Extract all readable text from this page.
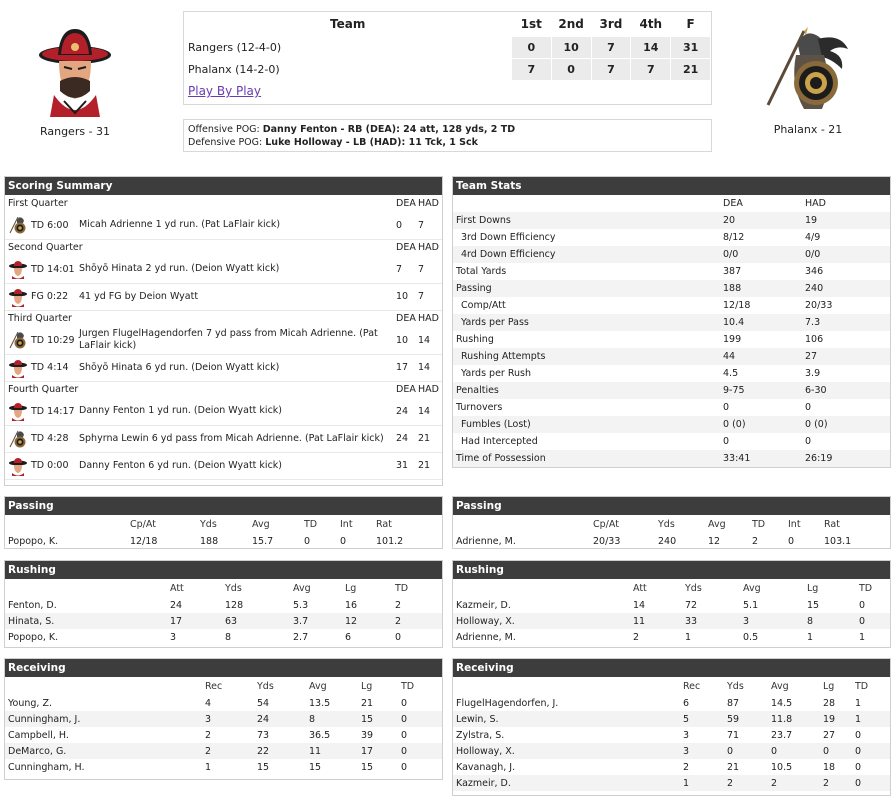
Rangers - 31	Phalanx - 21
Team	1st	2nd	3rd	4th	F
Rangers (12-4-0)	0	10	7	14	31
Phalanx (14-2-0)	7	0	7	7	21
Play By Play					
Offensive POG: Danny Fenton - RB (DEA): 24 att, 128 yds, 2 TD
Defensive POG: Luke Holloway - LB (HAD): 11 Tck, 1 Sck
Scoring Summary
First Quarter			DEA	HAD
	TD 6:00	Micah Adrienne 1 yd run. (Pat LaFlair kick)	0	7
Second Quarter			DEA	HAD
	TD 14:01	Shōyō Hinata 2 yd run. (Deion Wyatt kick)	7	7
	FG 0:22	41 yd FG by Deion Wyatt	10	7
Third Quarter			DEA	HAD
	TD 10:29	Jurgen FlugelHagendorfen 7 yd pass from Micah Adrienne. (Pat LaFlair kick)	10	14
	TD 4:14	Shōyō Hinata 6 yd run. (Deion Wyatt kick)	17	14
Fourth Quarter			DEA	HAD
	TD 14:17	Danny Fenton 1 yd run. (Deion Wyatt kick)	24	14
	TD 4:28	Sphyrna Lewin 6 yd pass from Micah Adrienne. (Pat LaFlair kick)	24	21
	TD 0:00	Danny Fenton 6 yd run. (Deion Wyatt kick)	31	21
Team Stats
	DEA	HAD
First Downs	20	19
3rd Down Efficiency	8/12	4/9
4rd Down Efficiency	0/0	0/0
Total Yards	387	346
Passing	188	240
Comp/Att	12/18	20/33
Yards per Pass	10.4	7.3
Rushing	199	106
Rushing Attempts	44	27
Yards per Rush	4.5	3.9
Penalties	9-75	6-30
Turnovers	0	0
Fumbles (Lost)	0 (0)	0 (0)
Had Intercepted	0	0
Time of Possession	33:41	26:19
Passing
	Cp/At	Yds	Avg	TD	Int	Rat
Popopo, K.	12/18	188	15.7	0	0	101.2
Passing
	Cp/At	Yds	Avg	TD	Int	Rat
Adrienne, M.	20/33	240	12	2	0	103.1
Rushing
	Att	Yds	Avg	Lg	TD
Fenton, D.	24	128	5.3	16	2
Hinata, S.	17	63	3.7	12	2
Popopo, K.	3	8	2.7	6	0
Rushing
	Att	Yds	Avg	Lg	TD
Kazmeir, D.	14	72	5.1	15	0
Holloway, X.	11	33	3	8	0
Adrienne, M.	2	1	0.5	1	1
Receiving
	Rec	Yds	Avg	Lg	TD
Young, Z.	4	54	13.5	21	0
Cunningham, J.	3	24	8	15	0
Campbell, H.	2	73	36.5	39	0
DeMarco, G.	2	22	11	17	0
Cunningham, H.	1	15	15	15	0
Receiving
	Rec	Yds	Avg	Lg	TD
FlugelHagendorfen, J.	6	87	14.5	28	1
Lewin, S.	5	59	11.8	19	1
Zylstra, S.	3	71	23.7	27	0
Holloway, X.	3	0	0	0	0
Kavanagh, J.	2	21	10.5	18	0
Kazmeir, D.	1	2	2	2	0
